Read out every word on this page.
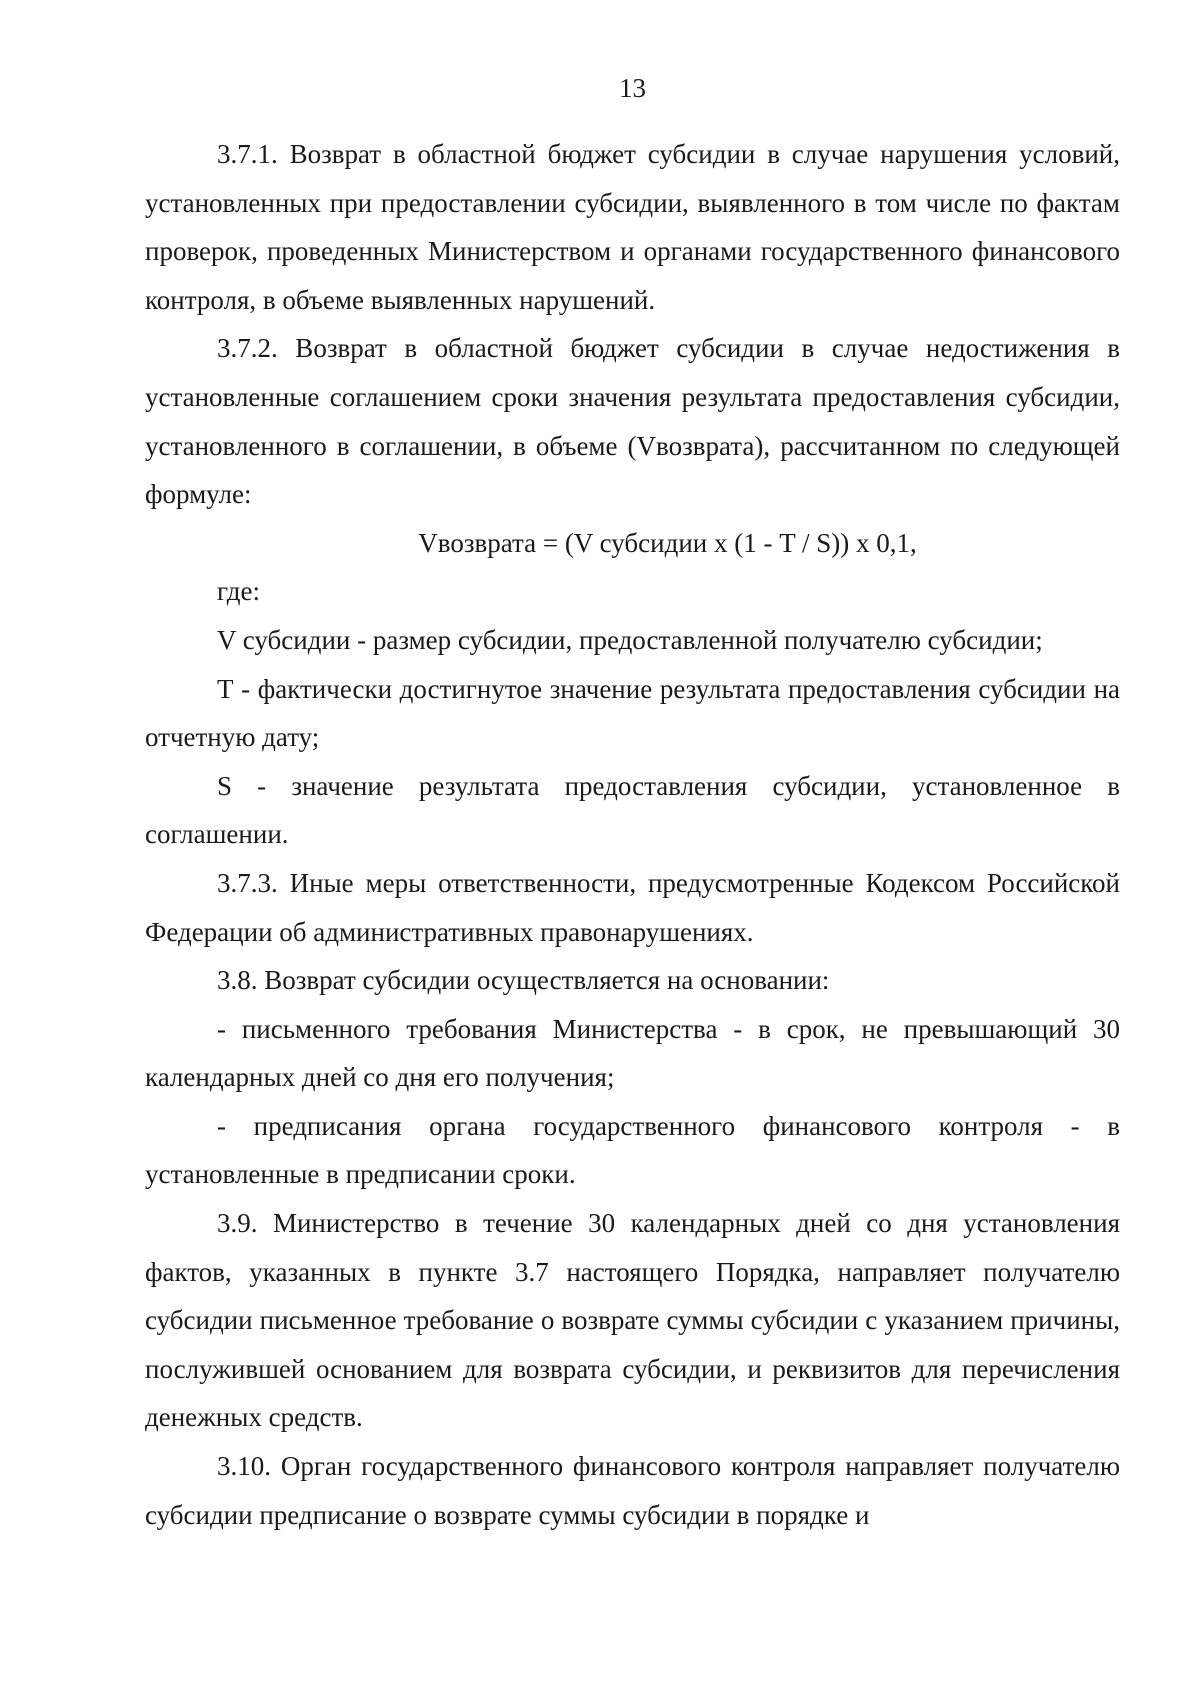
13

3.7.1. Возврат в областной бюджет субсидии в случае нарушения условий, установленных при предоставлении субсидии, выявленного в том числе по фактам проверок, проведенных Министерством и органами государственного финансового контроля, в объеме выявленных нарушений.

3.7.2. Возврат в областной бюджет субсидии в случае недостижения в установленные соглашением сроки значения результата предоставления субсидии, установленного в соглашении, в объеме (Vвозврата), рассчитанном по следующей формуле:

Vвозврата = (V субсидии х (1 - T / S)) х 0,1,

где:

V субсидии - размер субсидии, предоставленной получателю субсидии;

Т - фактически достигнутое значение результата предоставления субсидии на отчетную дату;

S - значение результата предоставления субсидии, установленное в соглашении.

3.7.3. Иные меры ответственности, предусмотренные Кодексом Российской Федерации об административных правонарушениях.

3.8. Возврат субсидии осуществляется на основании:

- письменного требования Министерства - в срок, не превышающий 30 календарных дней со дня его получения;

- предписания органа государственного финансового контроля - в установленные в предписании сроки.

3.9. Министерство в течение 30 календарных дней со дня установления фактов, указанных в пункте 3.7 настоящего Порядка, направляет получателю субсидии письменное требование о возврате суммы субсидии с указанием причины, послужившей основанием для возврата субсидии, и реквизитов для перечисления денежных средств.

3.10. Орган государственного финансового контроля направляет получателю субсидии предписание о возврате суммы субсидии в порядке и
